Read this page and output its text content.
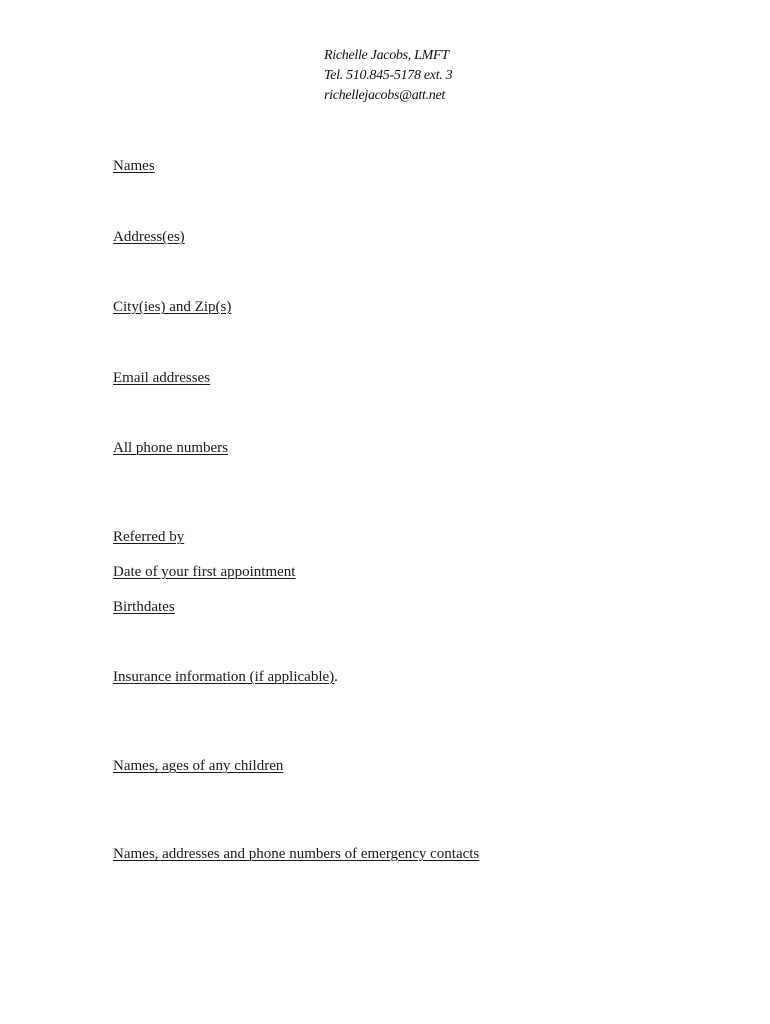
Richelle Jacobs, LMFT
Tel. 510.845-5178 ext. 3
richellejacobs@att.net
Names
Address(es)
City(ies) and Zip(s)
Email addresses
All phone numbers
Referred by
Date of your first appointment
Birthdates
Insurance information (if applicable).
Names, ages of any children
Names, addresses and phone numbers of emergency contacts
